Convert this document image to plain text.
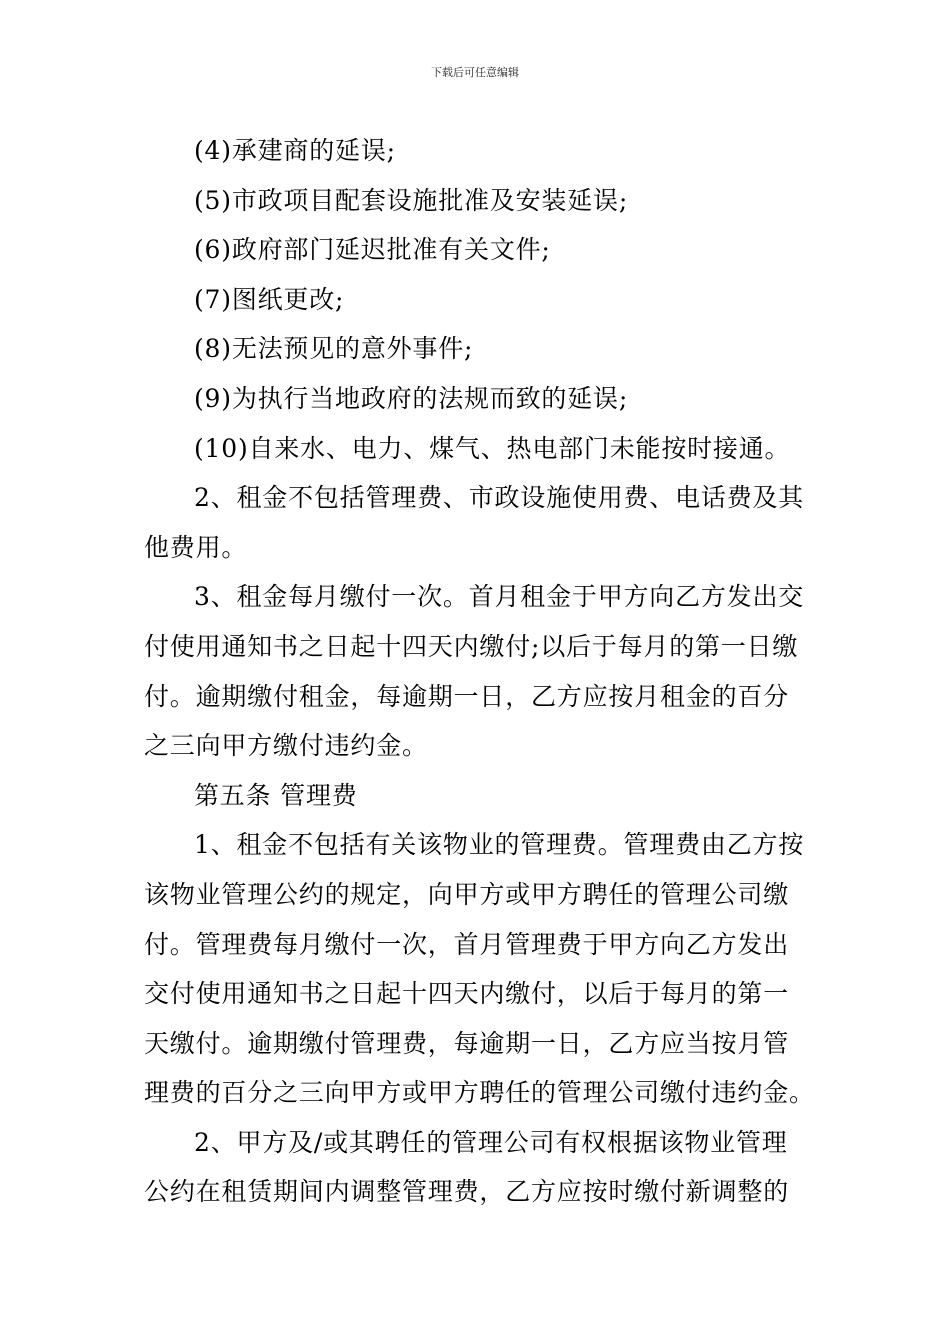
下载后可任意编辑
(4)承建商的延误;
(5)市政项目配套设施批准及安装延误;
(6)政府部门延迟批准有关文件;
(7)图纸更改;
(8)无法预见的意外事件;
(9)为执行当地政府的法规而致的延误;
(10)自来水、电力、煤气、热电部门未能按时接通。
2、租金不包括管理费、市政设施使用费、电话费及其
他费用。
3、租金每月缴付一次。首月租金于甲方向乙方发出交
付使用通知书之日起十四天内缴付;以后于每月的第一日缴
付。逾期缴付租金，每逾期一日，乙方应按月租金的百分
之三向甲方缴付违约金。
第五条 管理费
1、租金不包括有关该物业的管理费。管理费由乙方按
该物业管理公约的规定，向甲方或甲方聘任的管理公司缴
付。管理费每月缴付一次，首月管理费于甲方向乙方发出
交付使用通知书之日起十四天内缴付，以后于每月的第一
天缴付。逾期缴付管理费，每逾期一日，乙方应当按月管
理费的百分之三向甲方或甲方聘任的管理公司缴付违约金。
2、甲方及/或其聘任的管理公司有权根据该物业管理
公约在租赁期间内调整管理费，乙方应按时缴付新调整的
